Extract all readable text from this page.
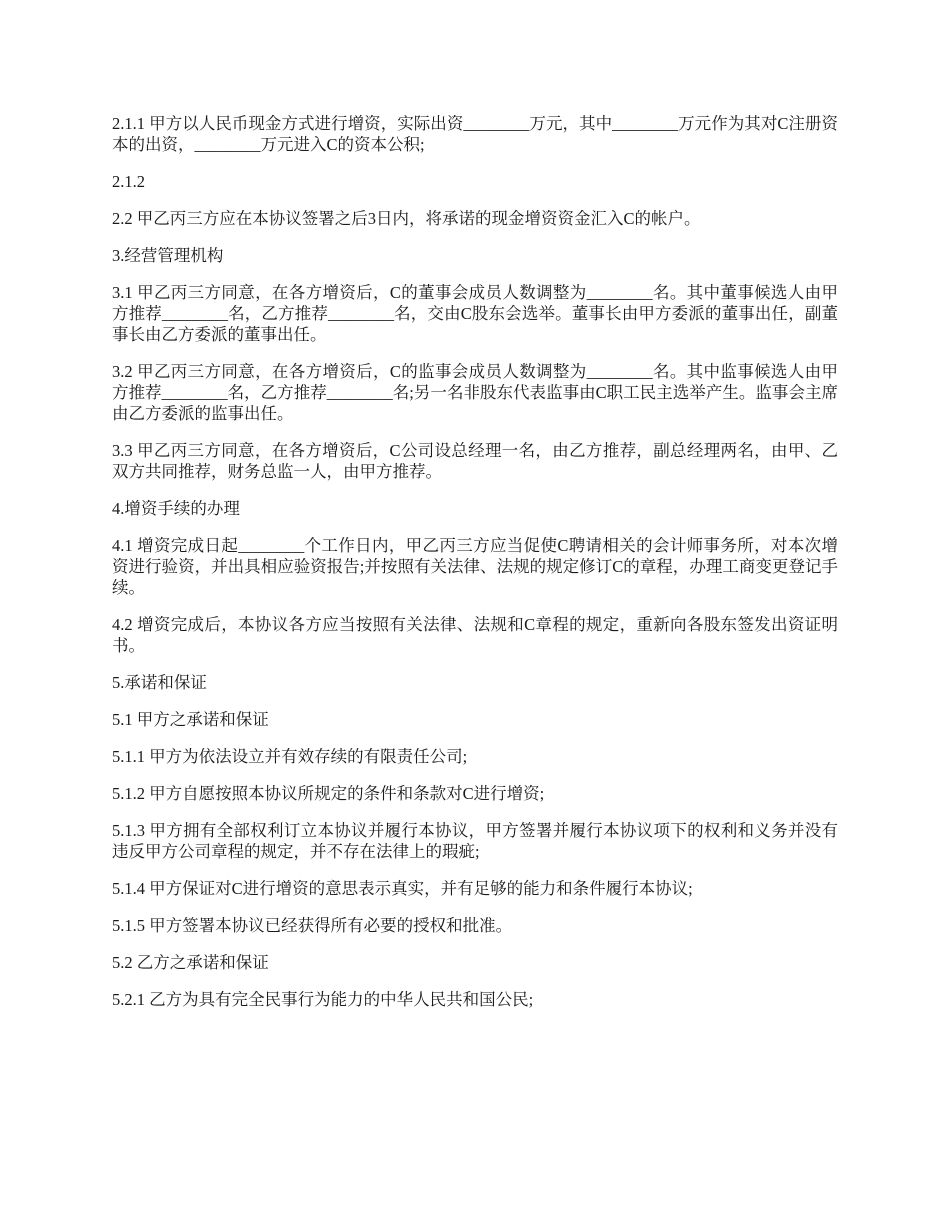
2.1.1 甲方以人民币现金方式进行增资，实际出资________万元，其中________万元作为其对C注册资本的出资，________万元进入C的资本公积;

2.1.2

2.2 甲乙丙三方应在本协议签署之后3日内，将承诺的现金增资资金汇入C的帐户。

3.经营管理机构

3.1 甲乙丙三方同意，在各方增资后，C的董事会成员人数调整为________名。其中董事候选人由甲方推荐________名，乙方推荐________名，交由C股东会选举。董事长由甲方委派的董事出任，副董事长由乙方委派的董事出任。

3.2 甲乙丙三方同意，在各方增资后，C的监事会成员人数调整为________名。其中监事候选人由甲方推荐________名，乙方推荐________名;另一名非股东代表监事由C职工民主选举产生。监事会主席由乙方委派的监事出任。

3.3 甲乙丙三方同意，在各方增资后，C公司设总经理一名，由乙方推荐，副总经理两名，由甲、乙双方共同推荐，财务总监一人，由甲方推荐。

4.增资手续的办理

4.1 增资完成日起________个工作日内，甲乙丙三方应当促使C聘请相关的会计师事务所，对本次增资进行验资，并出具相应验资报告;并按照有关法律、法规的规定修订C的章程，办理工商变更登记手续。

4.2 增资完成后，本协议各方应当按照有关法律、法规和C章程的规定，重新向各股东签发出资证明书。

5.承诺和保证

5.1 甲方之承诺和保证

5.1.1 甲方为依法设立并有效存续的有限责任公司;

5.1.2 甲方自愿按照本协议所规定的条件和条款对C进行增资;

5.1.3 甲方拥有全部权利订立本协议并履行本协议，甲方签署并履行本协议项下的权利和义务并没有违反甲方公司章程的规定，并不存在法律上的瑕疵;

5.1.4 甲方保证对C进行增资的意思表示真实，并有足够的能力和条件履行本协议;

5.1.5 甲方签署本协议已经获得所有必要的授权和批准。

5.2 乙方之承诺和保证

5.2.1 乙方为具有完全民事行为能力的中华人民共和国公民;
